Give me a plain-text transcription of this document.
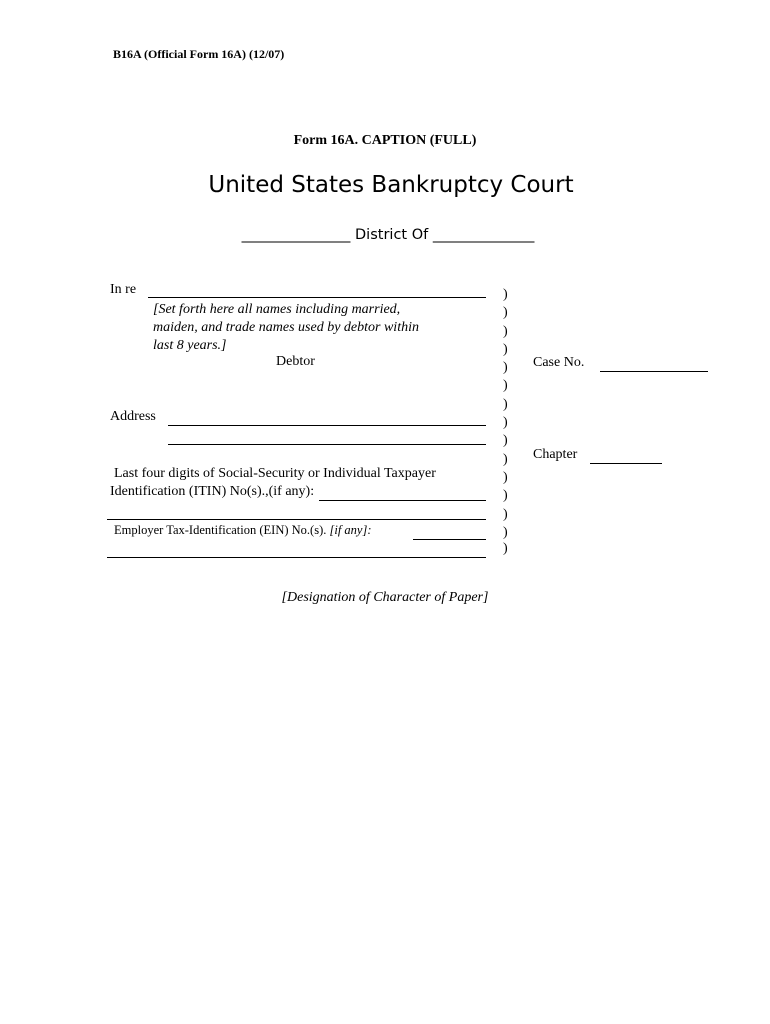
B16A (Official Form 16A) (12/07)
Form 16A. CAPTION (FULL)
United States Bankruptcy Court
_______________ District Of ______________
In re
[Set forth here all names including married,
maiden, and trade names used by debtor within
last 8 years.]
Debtor
Address
Last four digits of Social-Security or Individual Taxpayer
Identification (ITIN) No(s).,(if any):
Employer Tax-Identification (EIN) No.(s). [if any]:
)
)
)
)
)
)
)
)
)
)
)
)
)
)
)
Case No.
Chapter
[Designation of Character of Paper]
